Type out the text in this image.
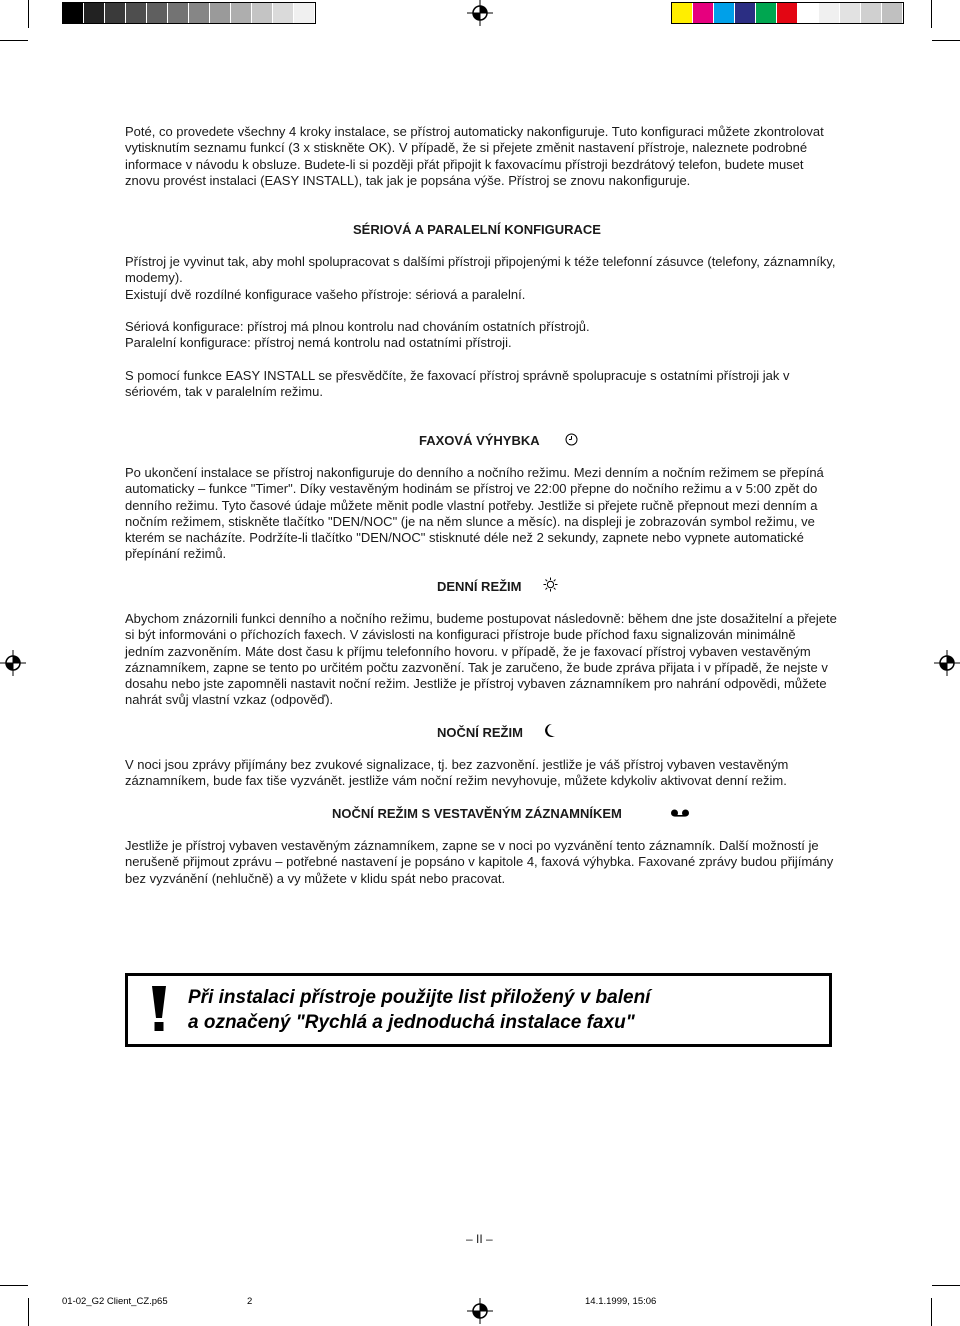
Poté, co provedete všechny 4 kroky instalace, se přístroj automaticky nakonfiguruje. Tuto konfiguraci můžete zkontrolovat vytisknutím seznamu funkcí (3 x stiskněte OK). V případě, že si přejete změnit nastavení přístroje, naleznete podrobné informace v návodu k obsluze. Budete-li si později přát připojit k faxovacímu přístroji bezdrátový telefon, budete muset znovu provést instalaci (EASY INSTALL), tak jak je popsána výše. Přístroj se znovu nakonfiguruje.

SÉRIOVÁ A PARALELNÍ KONFIGURACE

Přístroj je vyvinut tak, aby mohl spolupracovat s dalšími přístroji připojenými k téže telefonní zásuvce (telefony, záznamníky, modemy).

Existují dvě rozdílné konfigurace vašeho přístroje: sériová a paralelní.

Sériová konfigurace: přístroj má plnou kontrolu nad chováním ostatních přístrojů.

Paralelní konfigurace: přístroj nemá kontrolu nad ostatními přístroji.

S pomocí funkce EASY INSTALL se přesvědčíte, že faxovací přístroj správně spolupracuje s ostatními přístroji jak v sériovém, tak v paralelním režimu.

FAXOVÁ VÝHYBKA

Po ukončení instalace se přístroj nakonfiguruje do denního a nočního režimu. Mezi denním a nočním režimem se přepíná automaticky – funkce "Timer". Díky vestavěným hodinám se přístroj ve 22:00 přepne do nočního režimu a v 5:00 zpět do denního režimu. Tyto časové údaje můžete měnit podle vlastní potřeby. Jestliže si přejete ručně přepnout mezi denním a nočním režimem, stiskněte tlačítko "DEN/NOC" (je na něm slunce a měsíc). na displeji je zobrazován symbol režimu, ve kterém se nacházíte. Podržíte-li tlačítko "DEN/NOC" stisknuté déle než 2 sekundy, zapnete nebo vypnete automatické přepínání režimů.

DENNÍ REŽIM

Abychom znázornili funkci denního a nočního režimu, budeme postupovat následovně: během dne jste dosažitelní a přejete si být informováni o příchozích faxech. V závislosti na konfiguraci přístroje bude příchod faxu signalizován minimálně jedním zazvoněním. Máte dost času k příjmu telefonního hovoru. v případě, že je faxovací přístroj vybaven vestavěným záznamníkem, zapne se tento po určitém počtu zazvonění. Tak je zaručeno, že bude zpráva přijata i v případě, že nejste v dosahu nebo jste zapomněli nastavit noční režim. Jestliže je přístroj vybaven záznamníkem pro nahrání odpovědi, můžete nahrát svůj vlastní vzkaz (odpověď).

NOČNÍ REŽIM

V noci jsou zprávy přijímány bez zvukové signalizace, tj. bez zazvonění. jestliže je váš přístroj vybaven vestavěným záznamníkem, bude fax tiše vyzvánět. jestliže vám noční režim nevyhovuje, můžete kdykoliv aktivovat denní režim.

NOČNÍ REŽIM S VESTAVĚNÝM ZÁZNAMNÍKEM

Jestliže je přístroj vybaven vestavěným záznamníkem, zapne se v noci po vyzvánění tento záznamník. Další možností je nerušeně přijmout zprávu – potřebné nastavení je popsáno v kapitole 4, faxová výhybka. Faxované zprávy budou přijímány bez vyzvánění (nehlučně) a vy můžete v klidu spát nebo pracovat.

Při instalaci přístroje použijte list přiložený v balení
a označený "Rychlá a jednoduchá instalace faxu"
– II –
01-02_G2 Client_CZ.p65	2	14.1.1999, 15:06
